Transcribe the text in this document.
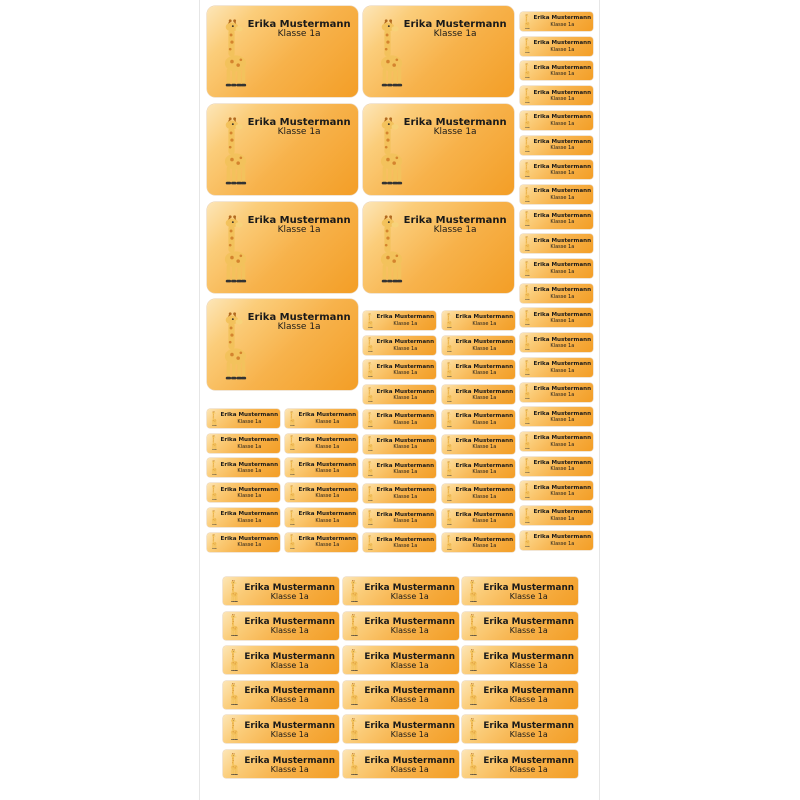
Erika Mustermann
Klasse 1a
Erika Mustermann
Klasse 1a
Erika Mustermann
Klasse 1a
Erika Mustermann
Klasse 1a
Erika Mustermann
Klasse 1a
Erika Mustermann
Klasse 1a
Erika Mustermann
Klasse 1a
Erika Mustermann
Klasse 1a
Erika Mustermann
Klasse 1a
Erika Mustermann
Klasse 1a
Erika Mustermann
Klasse 1a
Erika Mustermann
Klasse 1a
Erika Mustermann
Klasse 1a
Erika Mustermann
Klasse 1a
Erika Mustermann
Klasse 1a
Erika Mustermann
Klasse 1a
Erika Mustermann
Klasse 1a
Erika Mustermann
Klasse 1a
Erika Mustermann
Klasse 1a
Erika Mustermann
Klasse 1a
Erika Mustermann
Klasse 1a
Erika Mustermann
Klasse 1a
Erika Mustermann
Klasse 1a
Erika Mustermann
Klasse 1a
Erika Mustermann
Klasse 1a
Erika Mustermann
Klasse 1a
Erika Mustermann
Klasse 1a
Erika Mustermann
Klasse 1a
Erika Mustermann
Klasse 1a
Erika Mustermann
Klasse 1a
Erika Mustermann
Klasse 1a
Erika Mustermann
Klasse 1a
Erika Mustermann
Klasse 1a
Erika Mustermann
Klasse 1a
Erika Mustermann
Klasse 1a
Erika Mustermann
Klasse 1a
Erika Mustermann
Klasse 1a
Erika Mustermann
Klasse 1a
Erika Mustermann
Klasse 1a
Erika Mustermann
Klasse 1a
Erika Mustermann
Klasse 1a
Erika Mustermann
Klasse 1a
Erika Mustermann
Klasse 1a
Erika Mustermann
Klasse 1a
Erika Mustermann
Klasse 1a
Erika Mustermann
Klasse 1a
Erika Mustermann
Klasse 1a
Erika Mustermann
Klasse 1a
Erika Mustermann
Klasse 1a
Erika Mustermann
Klasse 1a
Erika Mustermann
Klasse 1a
Erika Mustermann
Klasse 1a
Erika Mustermann
Klasse 1a
Erika Mustermann
Klasse 1a
Erika Mustermann
Klasse 1a
Erika Mustermann
Klasse 1a
Erika Mustermann
Klasse 1a
Erika Mustermann
Klasse 1a
Erika Mustermann
Klasse 1a
Erika Mustermann
Klasse 1a
Erika Mustermann
Klasse 1a
Erika Mustermann
Klasse 1a
Erika Mustermann
Klasse 1a
Erika Mustermann
Klasse 1a
Erika Mustermann
Klasse 1a
Erika Mustermann
Klasse 1a
Erika Mustermann
Klasse 1a
Erika Mustermann
Klasse 1a
Erika Mustermann
Klasse 1a
Erika Mustermann
Klasse 1a
Erika Mustermann
Klasse 1a
Erika Mustermann
Klasse 1a
Erika Mustermann
Klasse 1a
Erika Mustermann
Klasse 1a
Erika Mustermann
Klasse 1a
Erika Mustermann
Klasse 1a
Erika Mustermann
Klasse 1a
Erika Mustermann
Klasse 1a
Erika Mustermann
Klasse 1a
